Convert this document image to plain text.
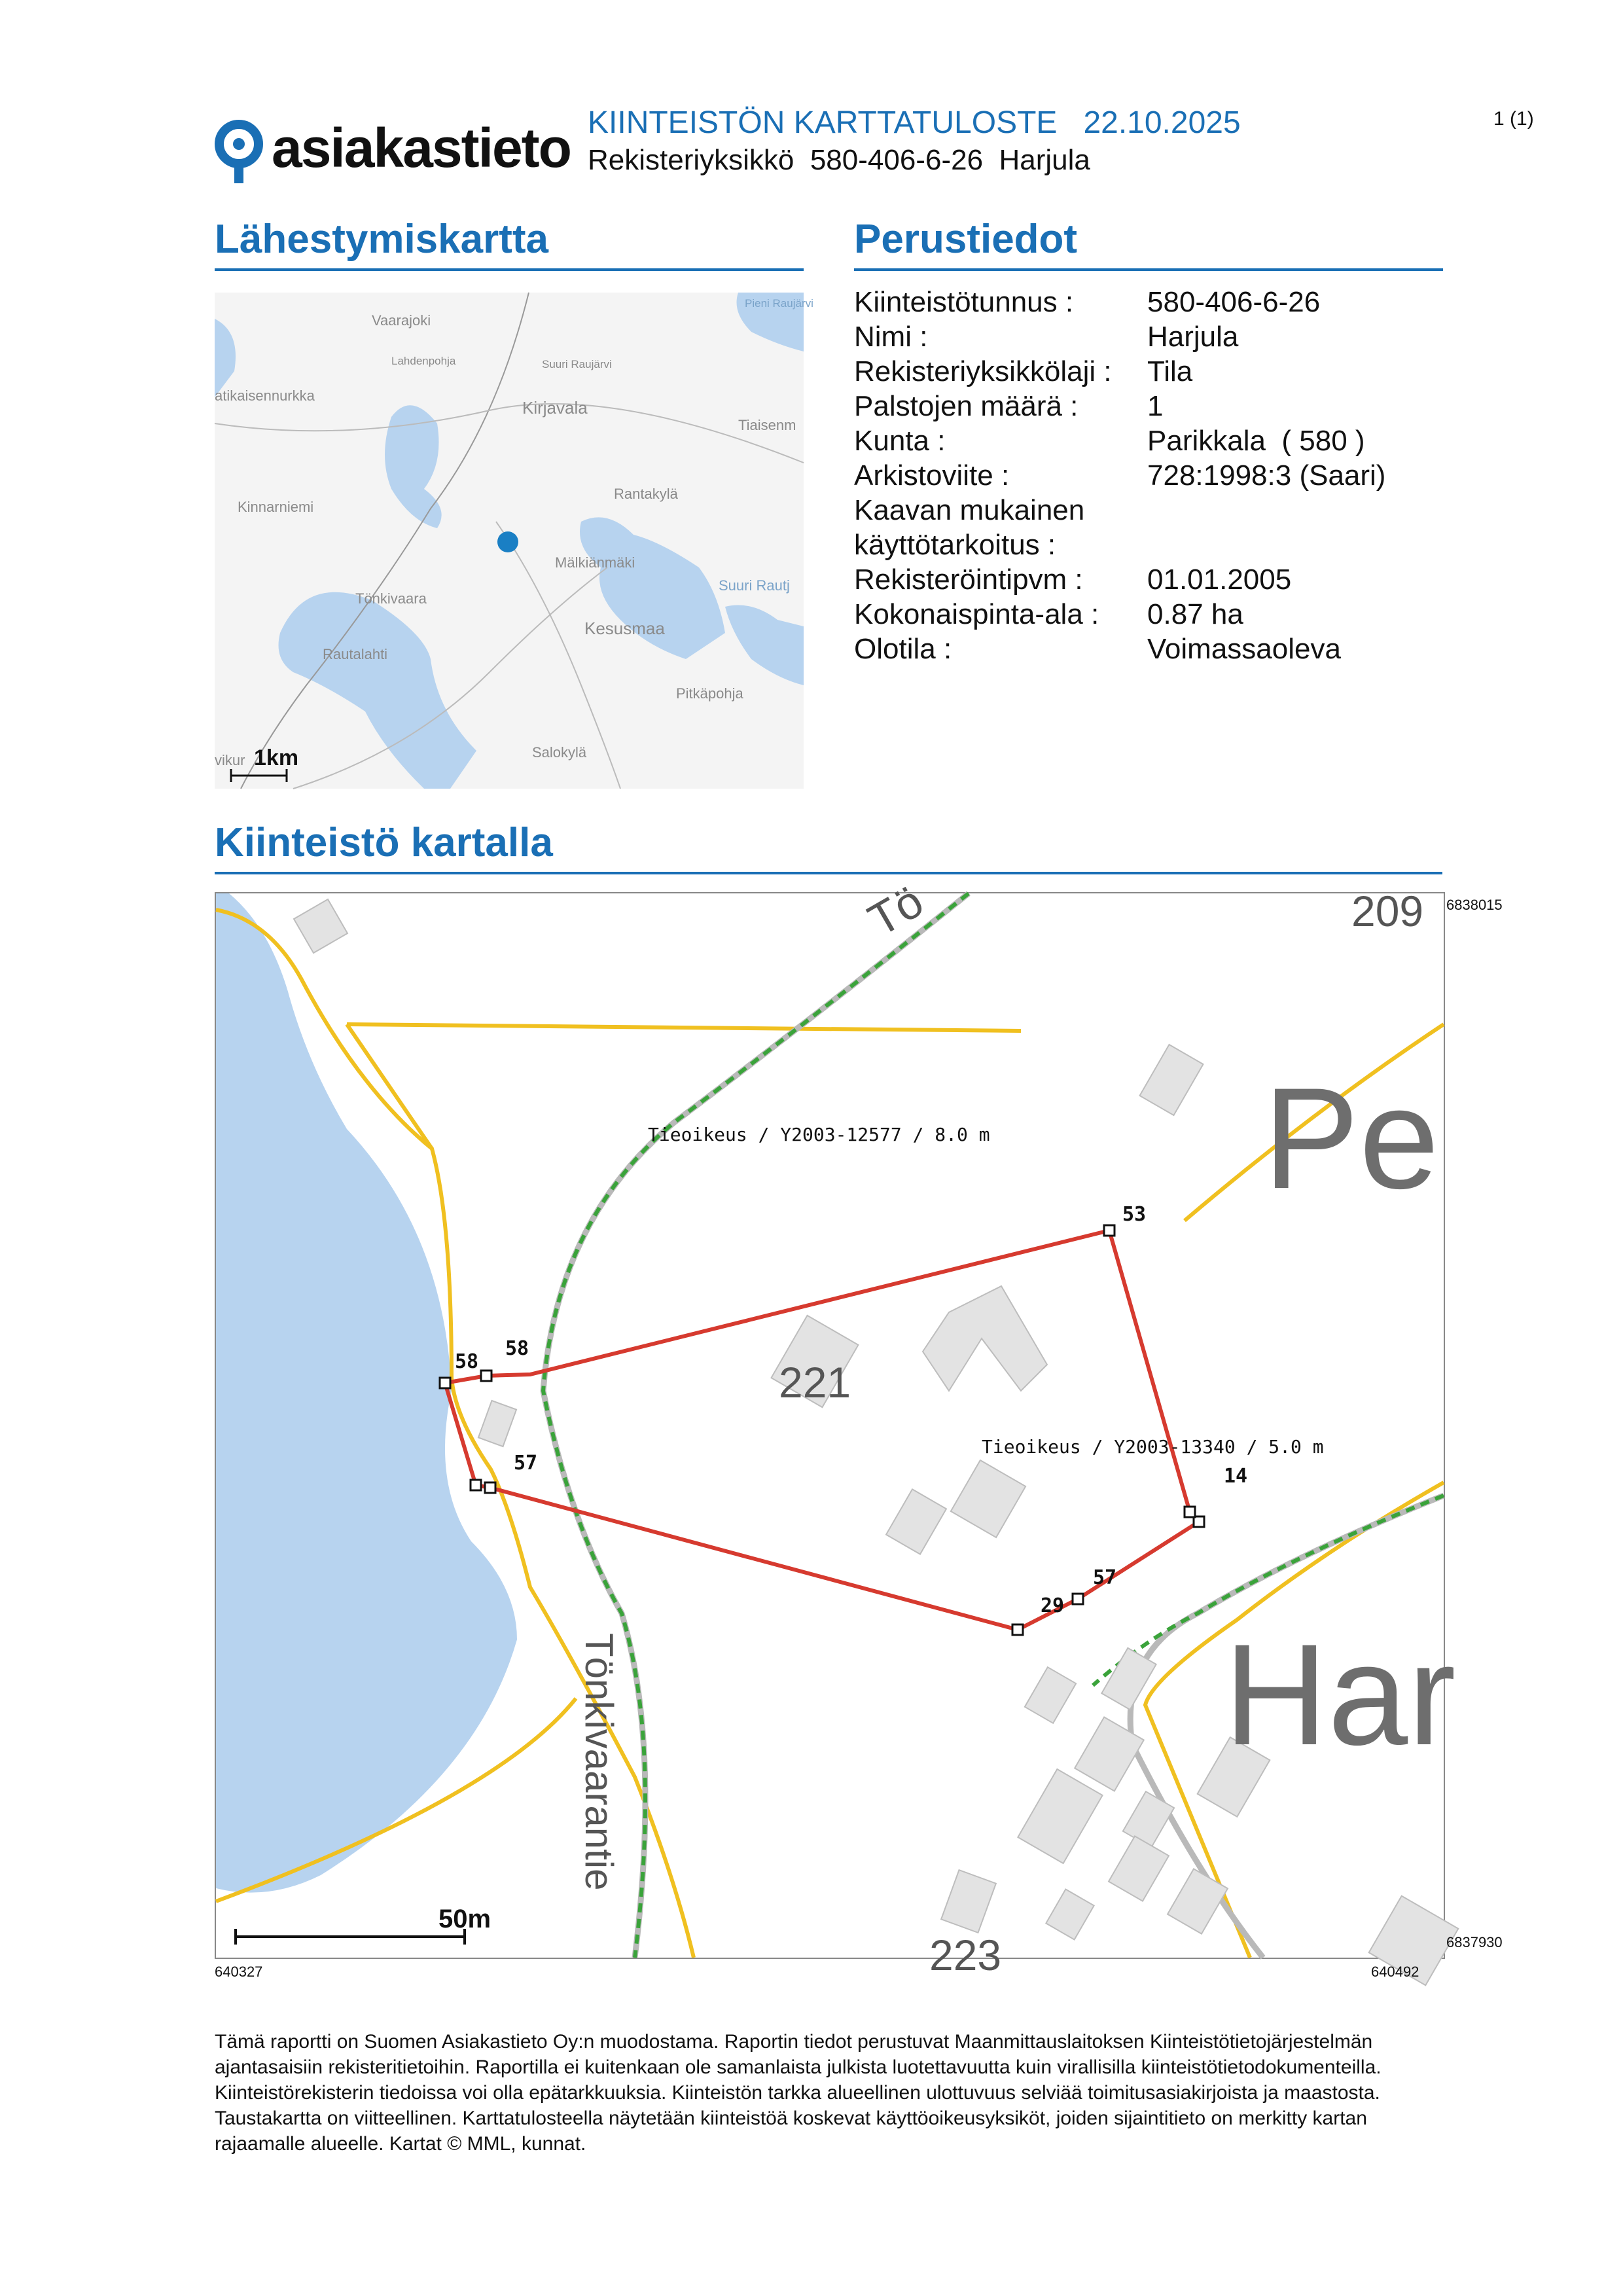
asiakastieto KIINTEISTÖN KARTTATULOSTE 22.10.2025
Rekisteriyksikkö  580-406-6-26  Harjula
1 (1)
Lähestymiskartta	Perustiedot
Kiinteistö kartalla
Vaarajoki
Lahdenpohja	Suuri Raujärvi
Pieni Raujärvi
Kirjavala
atikaisennurkka
Tiaisenm
Kinnarniemi
Rantakylä
Mälkiänmäki
Suuri Rautj
Tönkivaara
Kesusmaa
Rautalahti
Pitkäpohja
Salokylä
vikur 1km
Kiinteistötunnus :	580-406-6-26
Nimi :	Harjula
Rekisteriyksikkölaji :	Tila
Palstojen määrä :	1
Kunta :	Parikkala  ( 580 )
Arkistoviite :	728:1998:3 (Saari)
Kaavan mukainen
käyttötarkoitus :
Rekisteröintipvm :	01.01.2005
Kokonaispinta-ala :	0.87 ha
Olotila :	Voimassaoleva
53
58
58
57
14
57
29
Tieoikeus / Y2003-12577 / 8.0 m
Tieoikeus / Y2003-13340 / 5.0 m
209
221
223
Pe
Har
Tö
Tönkivaarantie
50m
6838015
6837930
640327	640492
Tämä raportti on Suomen Asiakastieto Oy:n muodostama. Raportin tiedot perustuvat Maanmittauslaitoksen Kiinteistötietojärjestelmän ajantasaisiin rekisteritietoihin. Raportilla ei kuitenkaan ole samanlaista julkista luotettavuutta kuin virallisilla kiinteistötietodokumenteilla. Kiinteistörekisterin tiedoissa voi olla epätarkkuuksia. Kiinteistön tarkka alueellinen ulottuvuus selviää toimitusasiakirjoista ja maastosta. Taustakartta on viitteellinen. Karttatulosteella näytetään kiinteistöä koskevat käyttöoikeusyksiköt, joiden sijaintitieto on merkitty kartan rajaamalle alueelle. Kartat © MML, kunnat.
